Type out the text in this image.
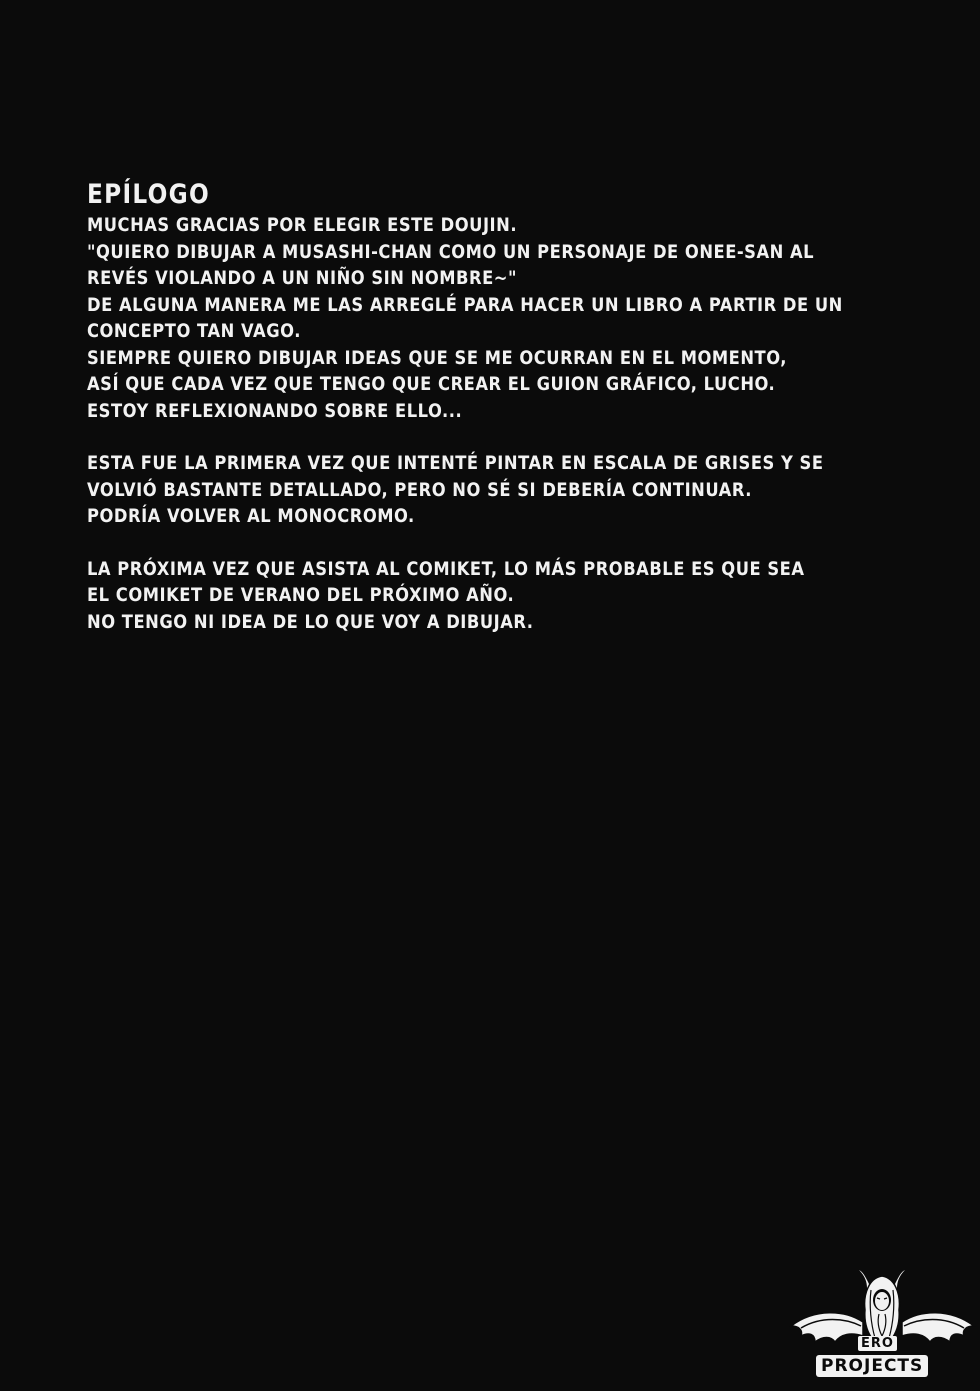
EPÍLOGO

MUCHAS GRACIAS POR ELEGIR ESTE DOUJIN.
"QUIERO DIBUJAR A MUSASHI-CHAN COMO UN PERSONAJE DE ONEE-SAN AL
REVÉS VIOLANDO A UN NIÑO SIN NOMBRE~"
DE ALGUNA MANERA ME LAS ARREGLÉ PARA HACER UN LIBRO A PARTIR DE UN
CONCEPTO TAN VAGO.
SIEMPRE QUIERO DIBUJAR IDEAS QUE SE ME OCURRAN EN EL MOMENTO,
ASÍ QUE CADA VEZ QUE TENGO QUE CREAR EL GUION GRÁFICO, LUCHO.
ESTOY REFLEXIONANDO SOBRE ELLO...

ESTA FUE LA PRIMERA VEZ QUE INTENTÉ PINTAR EN ESCALA DE GRISES Y SE
VOLVIÓ BASTANTE DETALLADO, PERO NO SÉ SI DEBERÍA CONTINUAR.
PODRÍA VOLVER AL MONOCROMO.

LA PRÓXIMA VEZ QUE ASISTA AL COMIKET, LO MÁS PROBABLE ES QUE SEA
EL COMIKET DE VERANO DEL PRÓXIMO AÑO.
NO TENGO NI IDEA DE LO QUE VOY A DIBUJAR.

ERO
PROJECTS
